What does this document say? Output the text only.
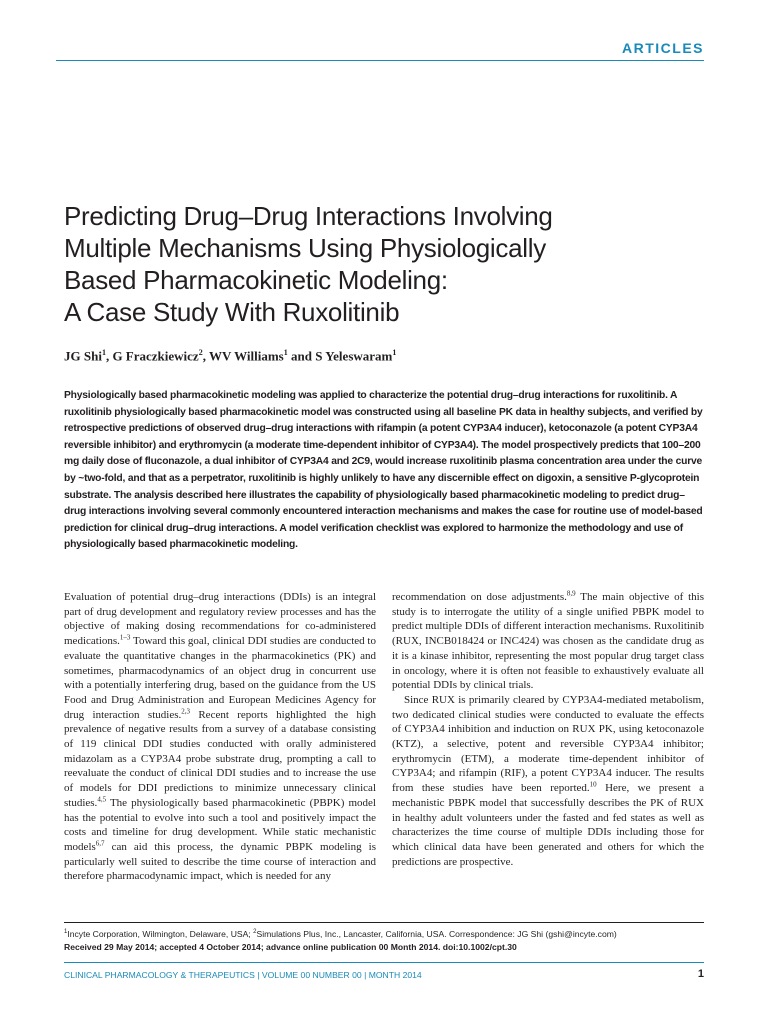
ARTICLES
Predicting Drug–Drug Interactions Involving
Multiple Mechanisms Using Physiologically
Based Pharmacokinetic Modeling:
A Case Study With Ruxolitinib
JG Shi$^1$, G Fraczkiewicz$^2$, WV Williams$^1$ and S Yeleswaram$^1$

Physiologically based pharmacokinetic modeling was applied to characterize the potential drug–drug interactions for ruxolitinib. A ruxolitinib physiologically based pharmacokinetic model was constructed using all baseline PK data in healthy subjects, and verified by retrospective predictions of observed drug–drug interactions with rifampin (a potent CYP3A4 inducer), ketoconazole (a potent CYP3A4 reversible inhibitor) and erythromycin (a moderate time-dependent inhibitor of CYP3A4). The model prospectively predicts that 100–200 mg daily dose of fluconazole, a dual inhibitor of CYP3A4 and 2C9, would increase ruxolitinib plasma concentration area under the curve by ~two-fold, and that as a perpetrator, ruxolitinib is highly unlikely to have any discernible effect on digoxin, a sensitive P-glycoprotein substrate. The analysis described here illustrates the capability of physiologically based pharmacokinetic modeling to predict drug–drug interactions involving several commonly encountered interaction mechanisms and makes the case for routine use of model-based prediction for clinical drug–drug interactions. A model verification checklist was explored to harmonize the methodology and use of physiologically based pharmacokinetic modeling.

Evaluation of potential drug–drug interactions (DDIs) is an integral part of drug development and regulatory review processes and has the objective of making dosing recommendations for co-administered medications.$^{1-3}$ Toward this goal, clinical DDI studies are conducted to evaluate the quantitative changes in the pharmacokinetics (PK) and sometimes, pharmacodynamics of an object drug in concurrent use with a potentially interfering drug, based on the guidance from the US Food and Drug Administration and European Medicines Agency for drug interaction studies.$^{2,3}$ Recent reports highlighted the high prevalence of negative results from a survey of a database consisting of 119 clinical DDI studies conducted with orally administered midazolam as a CYP3A4 probe substrate drug, prompting a call to reevaluate the conduct of clinical DDI studies and to increase the use of models for DDI predictions to minimize unnecessary clinical studies.$^{4,5}$ The physiologically based pharmacokinetic (PBPK) model has the potential to evolve into such a tool and positively impact the costs and timeline for drug development. While static mechanistic models$^{6,7}$ can aid this process, the dynamic PBPK modeling is particularly well suited to describe the time course of interaction and therefore pharmacodynamic impact, which is needed for any

recommendation on dose adjustments.$^{8,9}$ The main objective of this study is to interrogate the utility of a single unified PBPK model to predict multiple DDIs of different interaction mechanisms. Ruxolitinib (RUX, INCB018424 or INC424) was chosen as the candidate drug as it is a kinase inhibitor, representing the most popular drug target class in oncology, where it is often not feasible to exhaustively evaluate all potential DDIs by clinical trials.

Since RUX is primarily cleared by CYP3A4-mediated metabolism, two dedicated clinical studies were conducted to evaluate the effects of CYP3A4 inhibition and induction on RUX PK, using ketoconazole (KTZ), a selective, potent and reversible CYP3A4 inhibitor; erythromycin (ETM), a moderate time-dependent inhibitor of CYP3A4; and rifampin (RIF), a potent CYP3A4 inducer. The results from these studies have been reported.$^{10}$ Here, we present a mechanistic PBPK model that successfully describes the PK of RUX in healthy adult volunteers under the fasted and fed states as well as characterizes the time course of multiple DDIs including those for which clinical data have been generated and others for which the predictions are prospective.

$^1$Incyte Corporation, Wilmington, Delaware, USA; $^2$Simulations Plus, Inc., Lancaster, California, USA. Correspondence: JG Shi (gshi@incyte.com)
Received 29 May 2014; accepted 4 October 2014; advance online publication 00 Month 2014. doi:10.1002/cpt.30
CLINICAL PHARMACOLOGY & THERAPEUTICS | VOLUME 00 NUMBER 00 | MONTH 2014	1
